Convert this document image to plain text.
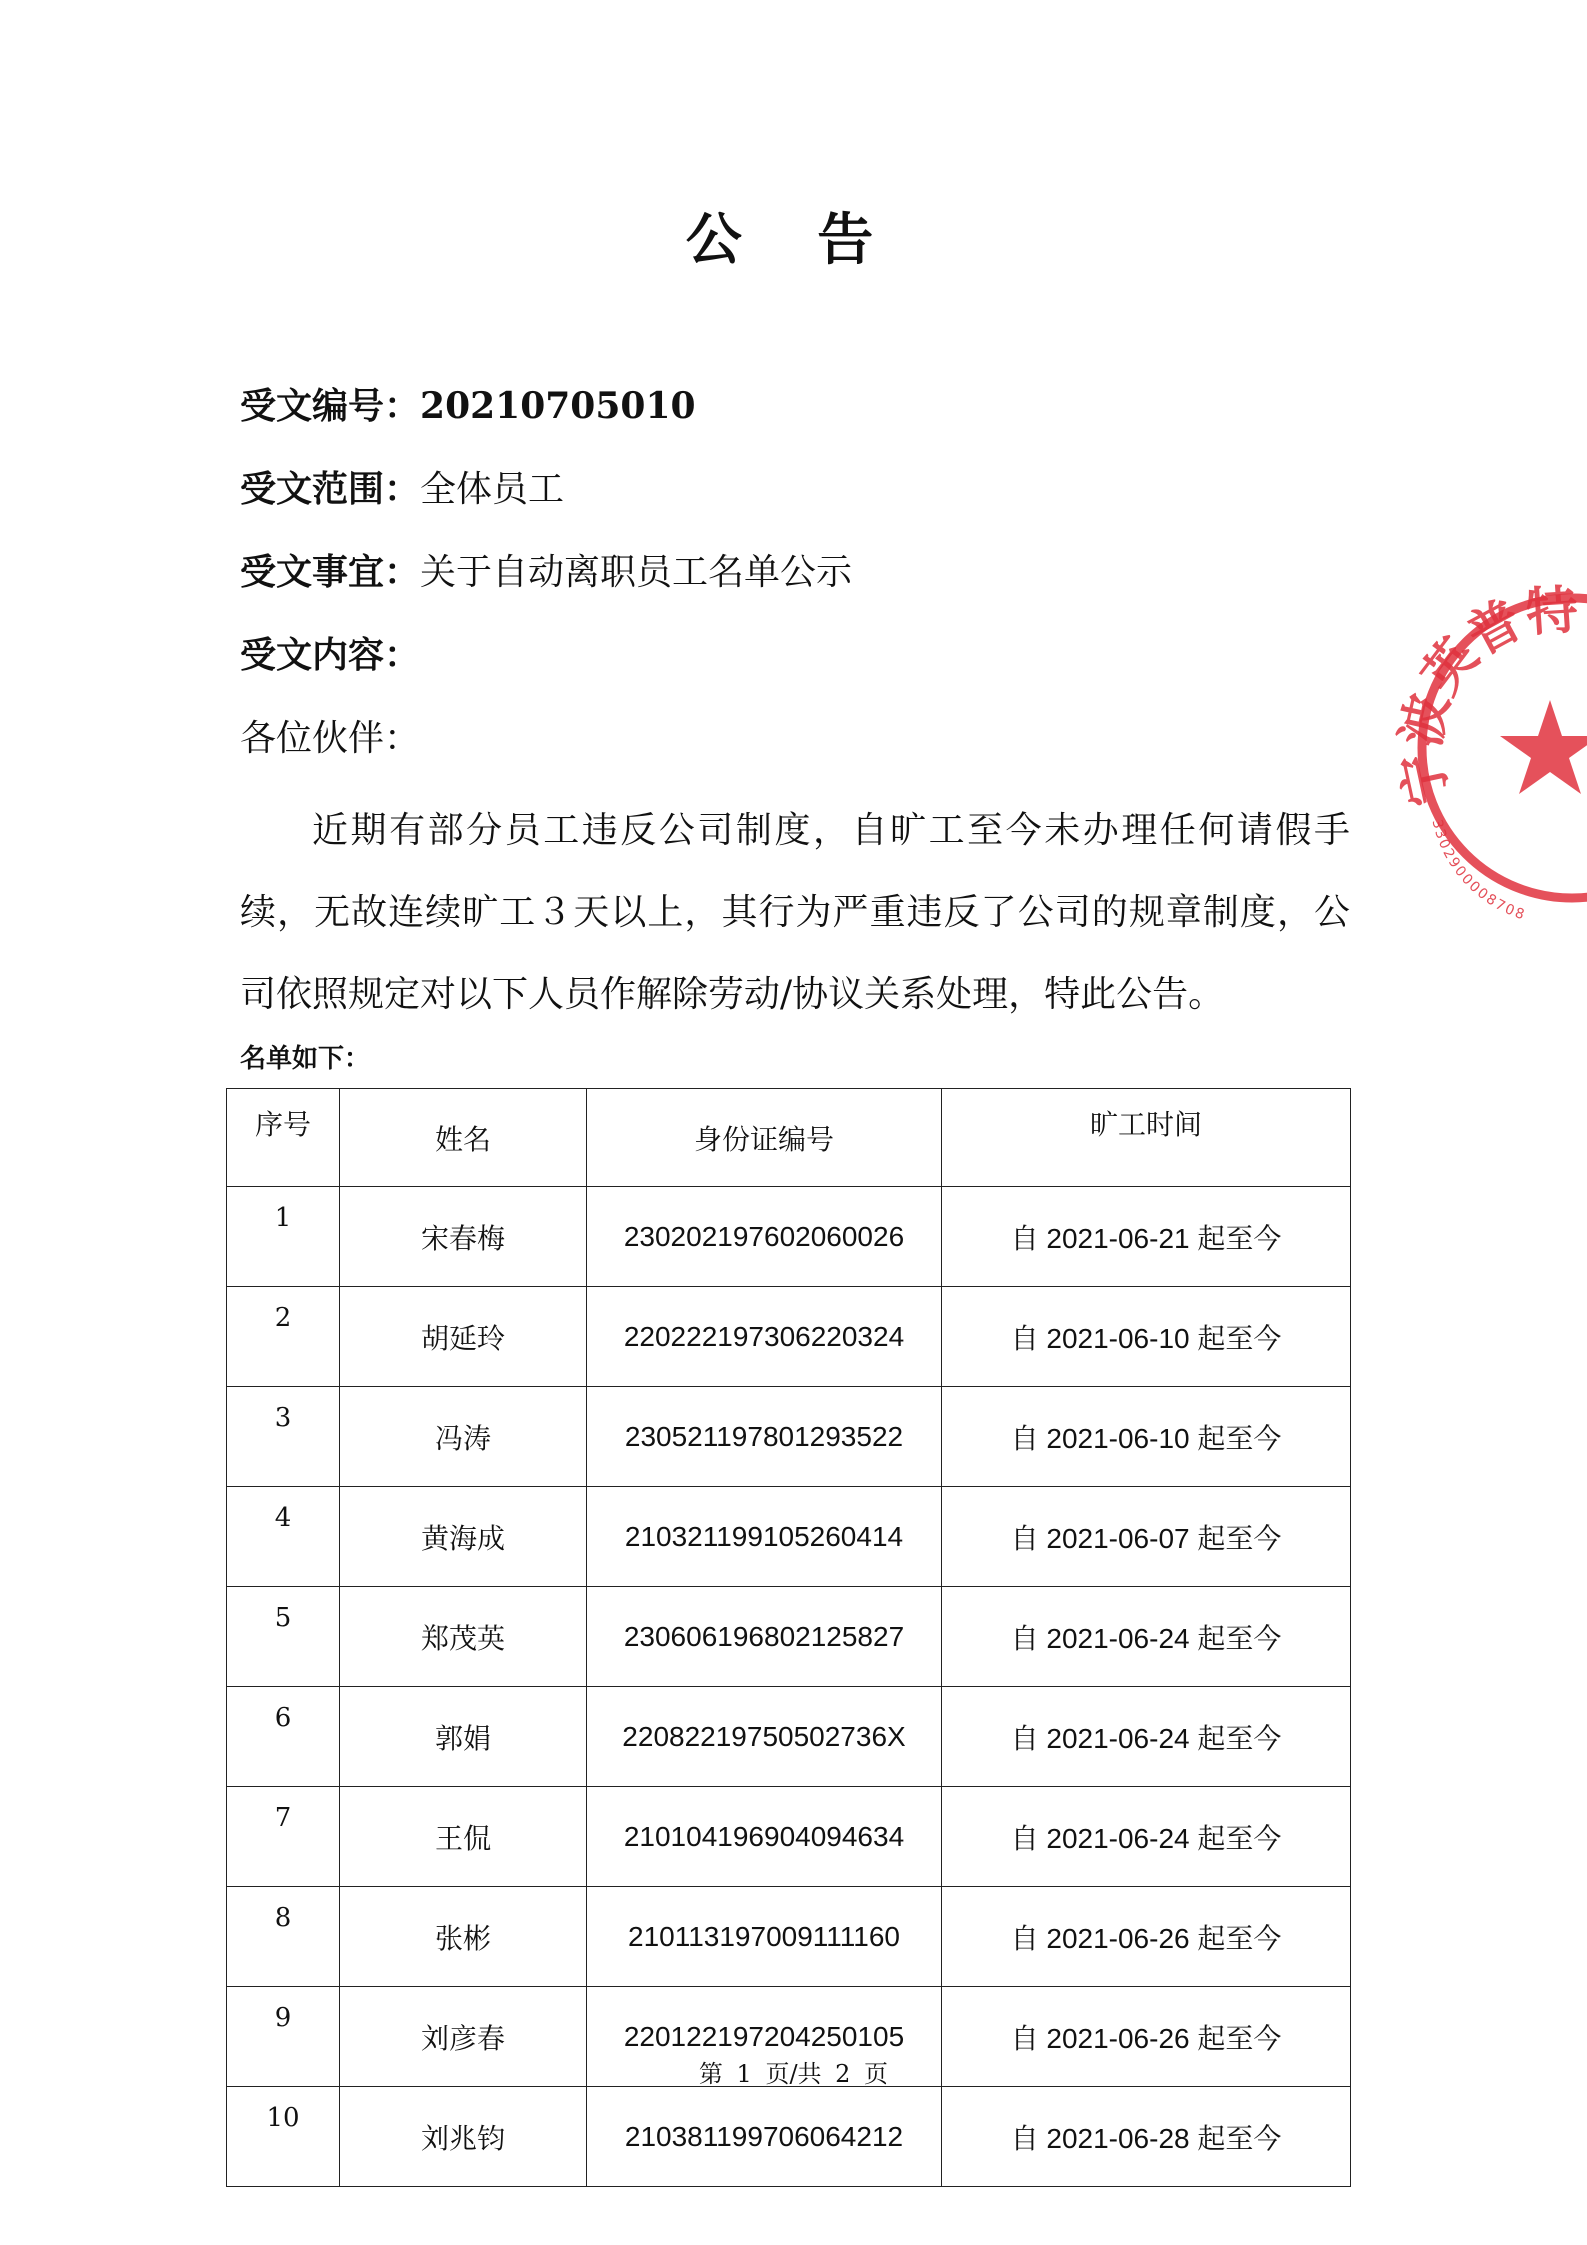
公 告
受文编号：20210705010
受文范围：全体员工
受文事宜：关于自动离职员工名单公示
受文内容：
各位伙伴：
近期有部分员工违反公司制度，自旷工至今未办理任何请假手续，无故连续旷工３天以上，其行为严重违反了公司的规章制度，公司依照规定对以下人员作解除劳动/协议关系处理，特此公告。
名单如下：
序号	姓名	身份证编号	旷工时间
1	宋春梅	230202197602060026	自 2021-06-21 起至今
2	胡延玲	220222197306220324	自 2021-06-10 起至今
3	冯涛	230521197801293522	自 2021-06-10 起至今
4	黄海成	210321199105260414	自 2021-06-07 起至今
5	郑茂英	230606196802125827	自 2021-06-24 起至今
6	郭娟	22082219750502736X	自 2021-06-24 起至今
7	王侃	210104196904094634	自 2021-06-24 起至今
8	张彬	210113197009111160	自 2021-06-26 起至今
9	刘彦春	220122197204250105	自 2021-06-26 起至今
10	刘兆钧	210381199706064212	自 2021-06-28 起至今
第 1 页/共 2 页
宁波英普特
3302900008708
